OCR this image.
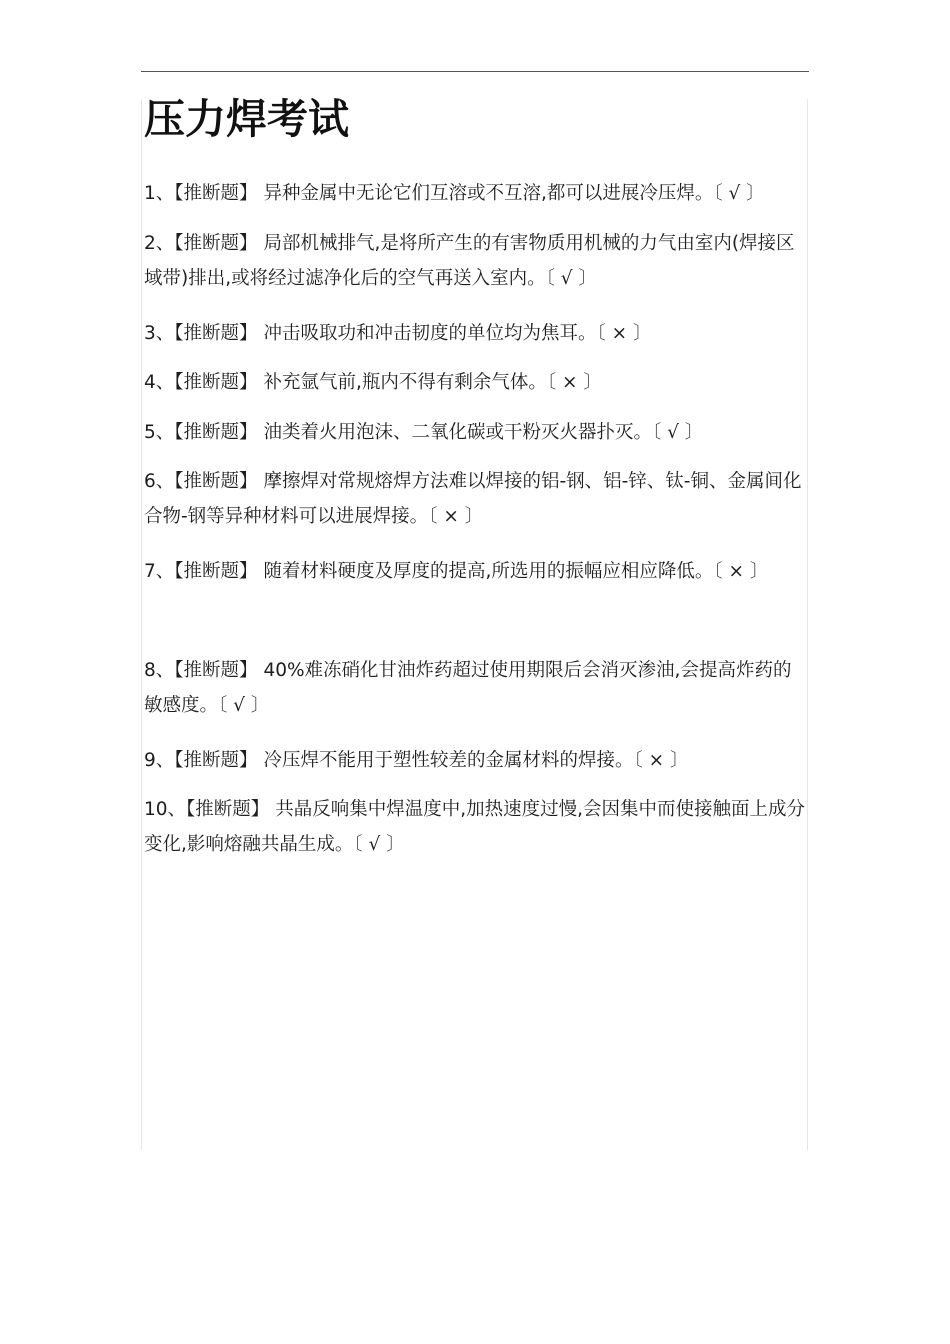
压力焊考试

1、【推断题】 异种金属中无论它们互溶或不互溶,都可以进展冷压焊。〔 √ 〕

2、【推断题】 局部机械排气,是将所产生的有害物质用机械的力气由室内(焊接区域带)排出,或将经过滤净化后的空气再送入室内。〔 √ 〕

3、【推断题】 冲击吸取功和冲击韧度的单位均为焦耳。〔 × 〕

4、【推断题】 补充氩气前,瓶内不得有剩余气体。〔 × 〕

5、【推断题】 油类着火用泡沫、二氧化碳或干粉灭火器扑灭。〔 √ 〕

6、【推断题】 摩擦焊对常规熔焊方法难以焊接的铝-钢、铝-锌、钛-铜、金属间化合物-钢等异种材料可以进展焊接。〔 × 〕

7、【推断题】 随着材料硬度及厚度的提高,所选用的振幅应相应降低。〔 × 〕

8、【推断题】 40%难冻硝化甘油炸药超过使用期限后会消灭渗油,会提高炸药的敏感度。〔 √ 〕

9、【推断题】 冷压焊不能用于塑性较差的金属材料的焊接。〔 × 〕

10、【推断题】 共晶反响集中焊温度中,加热速度过慢,会因集中而使接触面上成分变化,影响熔融共晶生成。〔 √ 〕
